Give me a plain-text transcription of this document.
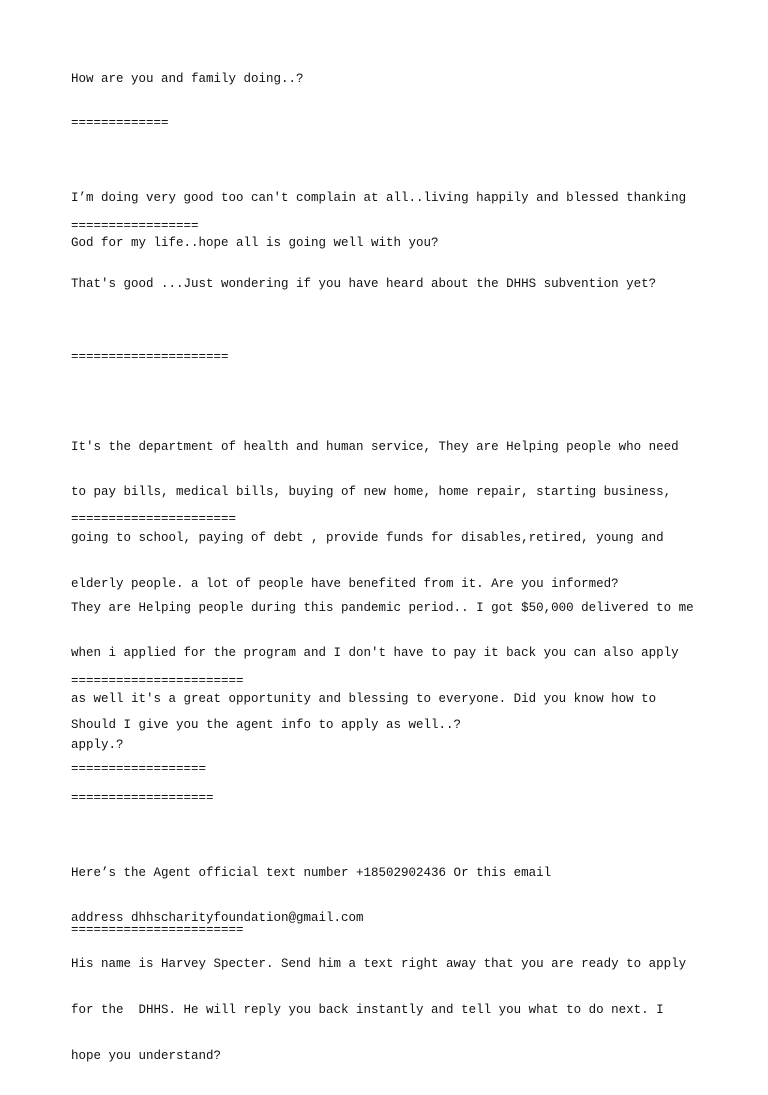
How are you and family doing..?

=============

I’m doing very good too can't complain at all..living happily and blessed thanking

God for my life..hope all is going well with you?

=================

That's good ...Just wondering if you have heard about the DHHS subvention yet?

=====================

It's the department of health and human service, They are Helping people who need

to pay bills, medical bills, buying of new home, home repair, starting business,

going to school, paying of debt , provide funds for disables,retired, young and

elderly people. a lot of people have benefited from it. Are you informed?

======================

They are Helping people during this pandemic period.. I got $50,000 delivered to me

when i applied for the program and I don't have to pay it back you can also apply

as well it's a great opportunity and blessing to everyone. Did you know how to

apply.?

=======================

Should I give you the agent info to apply as well..?

==================

===================

Here’s the Agent official text number +18502902436 Or this email

address dhhscharityfoundation@gmail.com

His name is Harvey Specter. Send him a text right away that you are ready to apply

for the  DHHS. He will reply you back instantly and tell you what to do next. I

hope you understand?

=======================
